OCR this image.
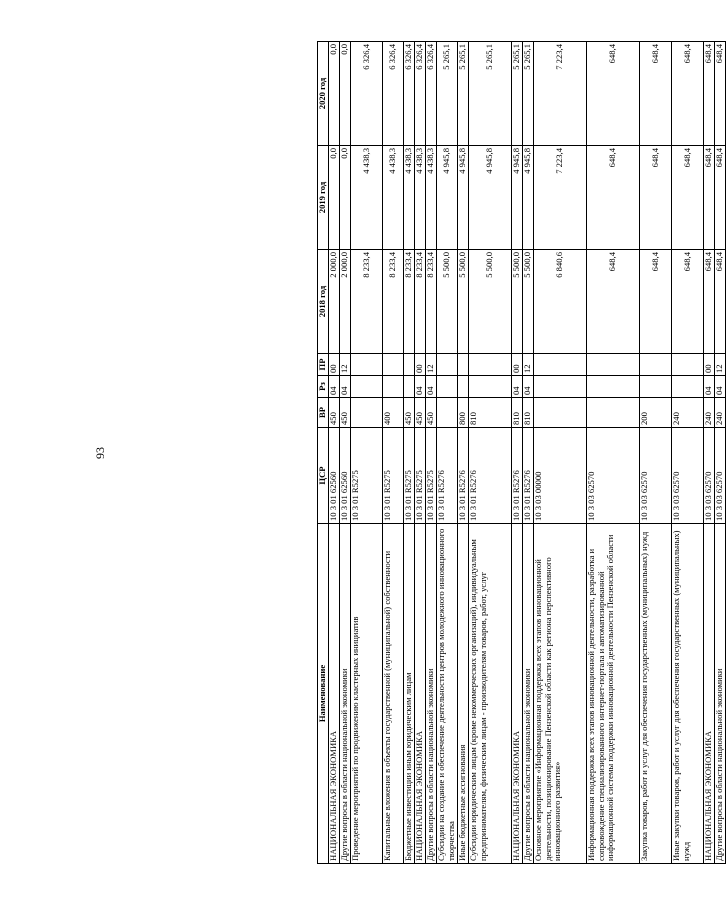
93
Наименование	ЦСР	ВР	Рз	ПР	2018 год	2019 год	2020 год
НАЦИОНАЛЬНАЯ ЭКОНОМИКА	10 3 01 62560	450	04	00	2 000,0	0,0	0,0
Другие вопросы в области национальной экономики	10 3 01 62560	450	04	12	2 000,0	0,0	0,0
Проведение мероприятий по продвижению кластерных инициатив	10 3 01 R5275				8 233,4	4 438,3	6 326,4
Капитальные вложения в объекты государственной (муниципальной) собственности	10 3 01 R5275	400			8 233,4	4 438,3	6 326,4
Бюджетные инвестиции иным юридическим лицам	10 3 01 R5275	450			8 233,4	4 438,3	6 326,4
НАЦИОНАЛЬНАЯ ЭКОНОМИКА	10 3 01 R5275	450	04	00	8 233,4	4 438,3	6 326,4
Другие вопросы в области национальной экономики	10 3 01 R5275	450	04	12	8 233,4	4 438,3	6 326,4
Субсидии на создание и обеспечение деятельности центров молодежного инновационного творчества	10 3 01 R5276				5 500,0	4 945,8	5 265,1
Иные бюджетные ассигнования	10 3 01 R5276	800			5 500,0	4 945,8	5 265,1
Субсидии юридическим лицам (кроме некоммерческих организаций), индивидуальным предпринимателям, физическим лицам - производителям товаров, работ, услуг	10 3 01 R5276	810			5 500,0	4 945,8	5 265,1
НАЦИОНАЛЬНАЯ ЭКОНОМИКА	10 3 01 R5276	810	04	00	5 500,0	4 945,8	5 265,1
Другие вопросы в области национальной экономики	10 3 01 R5276	810	04	12	5 500,0	4 945,8	5 265,1
Основное мероприятие «Информационная поддержка всех этапов инновационной деятельности, позиционирование Пензенской области как региона перспективного инновационного развития»	10 3 03 00000				6 840,6	7 223,4	7 223,4
Информационная поддержка всех этапов инновационной деятельности, разработка и сопровождение специализированного интернет-портала и автоматизированной информационной системы поддержки инновационной деятельности Пензенской области	10 3 03 62570				648,4	648,4	648,4
Закупка товаров, работ и услуг для обеспечения государственных (муниципальных) нужд	10 3 03 62570	200			648,4	648,4	648,4
Иные закупки товаров, работ и услуг для обеспечения государственных (муниципальных) нужд	10 3 03 62570	240			648,4	648,4	648,4
НАЦИОНАЛЬНАЯ ЭКОНОМИКА	10 3 03 62570	240	04	00	648,4	648,4	648,4
Другие вопросы в области национальной экономики	10 3 03 62570	240	04	12	648,4	648,4	648,4
